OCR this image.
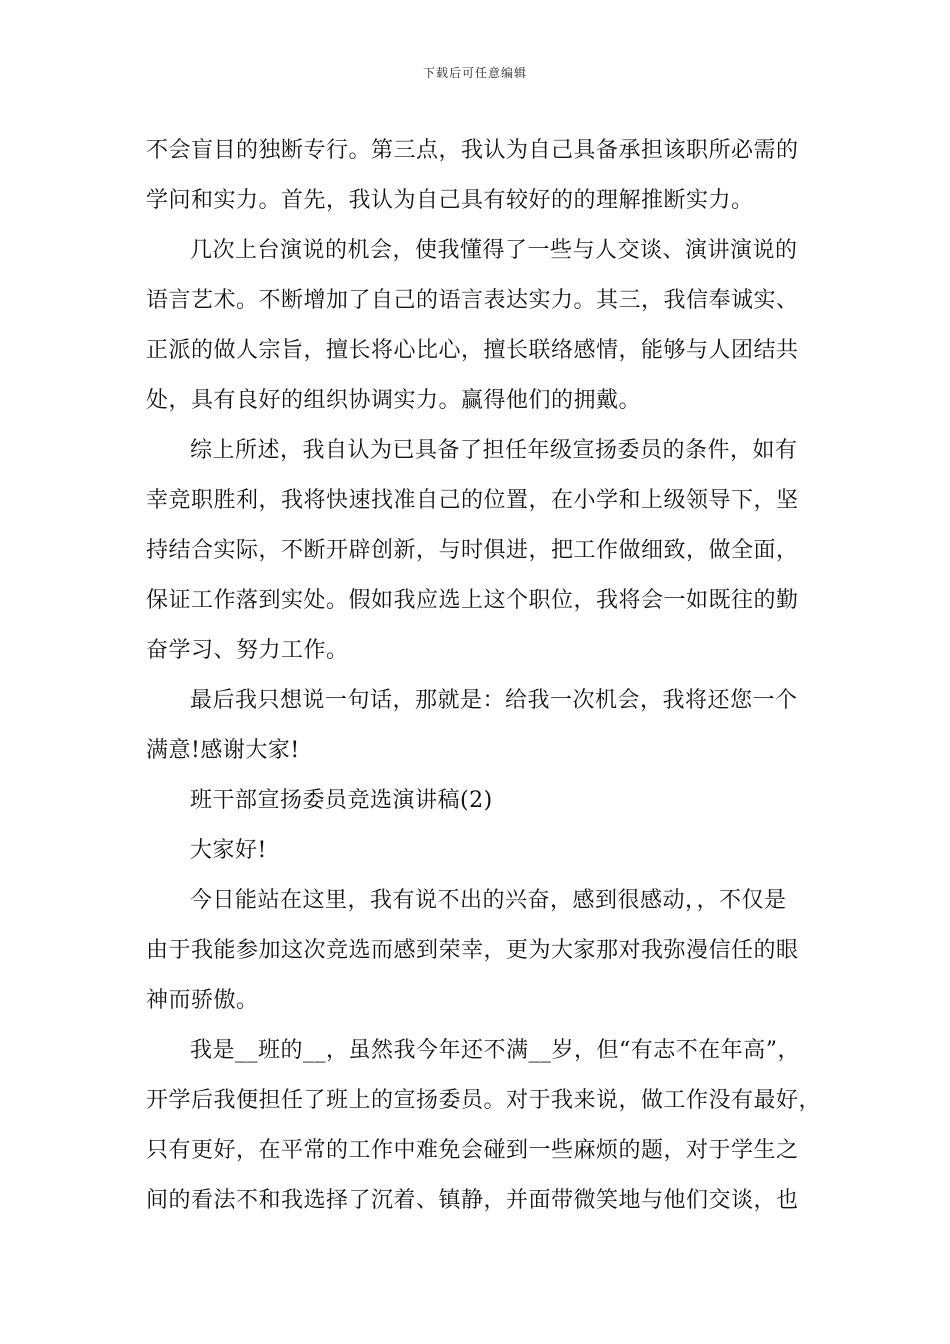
下载后可任意编辑
不会盲目的独断专行。第三点，我认为自己具备承担该职所必需的
学问和实力。首先，我认为自己具有较好的的理解推断实力。
几次上台演说的机会，使我懂得了一些与人交谈、演讲演说的
语言艺术。不断增加了自己的语言表达实力。其三，我信奉诚实、
正派的做人宗旨，擅长将心比心，擅长联络感情，能够与人团结共
处，具有良好的组织协调实力。赢得他们的拥戴。
综上所述，我自认为已具备了担任年级宣扬委员的条件，如有
幸竞职胜利，我将快速找准自己的位置，在小学和上级领导下，坚
持结合实际，不断开辟创新，与时俱进，把工作做细致，做全面，
保证工作落到实处。假如我应选上这个职位，我将会一如既往的勤
奋学习、努力工作。
最后我只想说一句话，那就是：给我一次机会，我将还您一个
满意!感谢大家!
班干部宣扬委员竞选演讲稿(2)
大家好!
今日能站在这里，我有说不出的兴奋，感到很感动，，不仅是
由于我能参加这次竞选而感到荣幸，更为大家那对我弥漫信任的眼
神而骄傲。
我是__班的__，虽然我今年还不满__岁，但“有志不在年高”，
开学后我便担任了班上的宣扬委员。对于我来说，做工作没有最好，
只有更好，在平常的工作中难免会碰到一些麻烦的题，对于学生之
间的看法不和我选择了沉着、镇静，并面带微笑地与他们交谈，也
